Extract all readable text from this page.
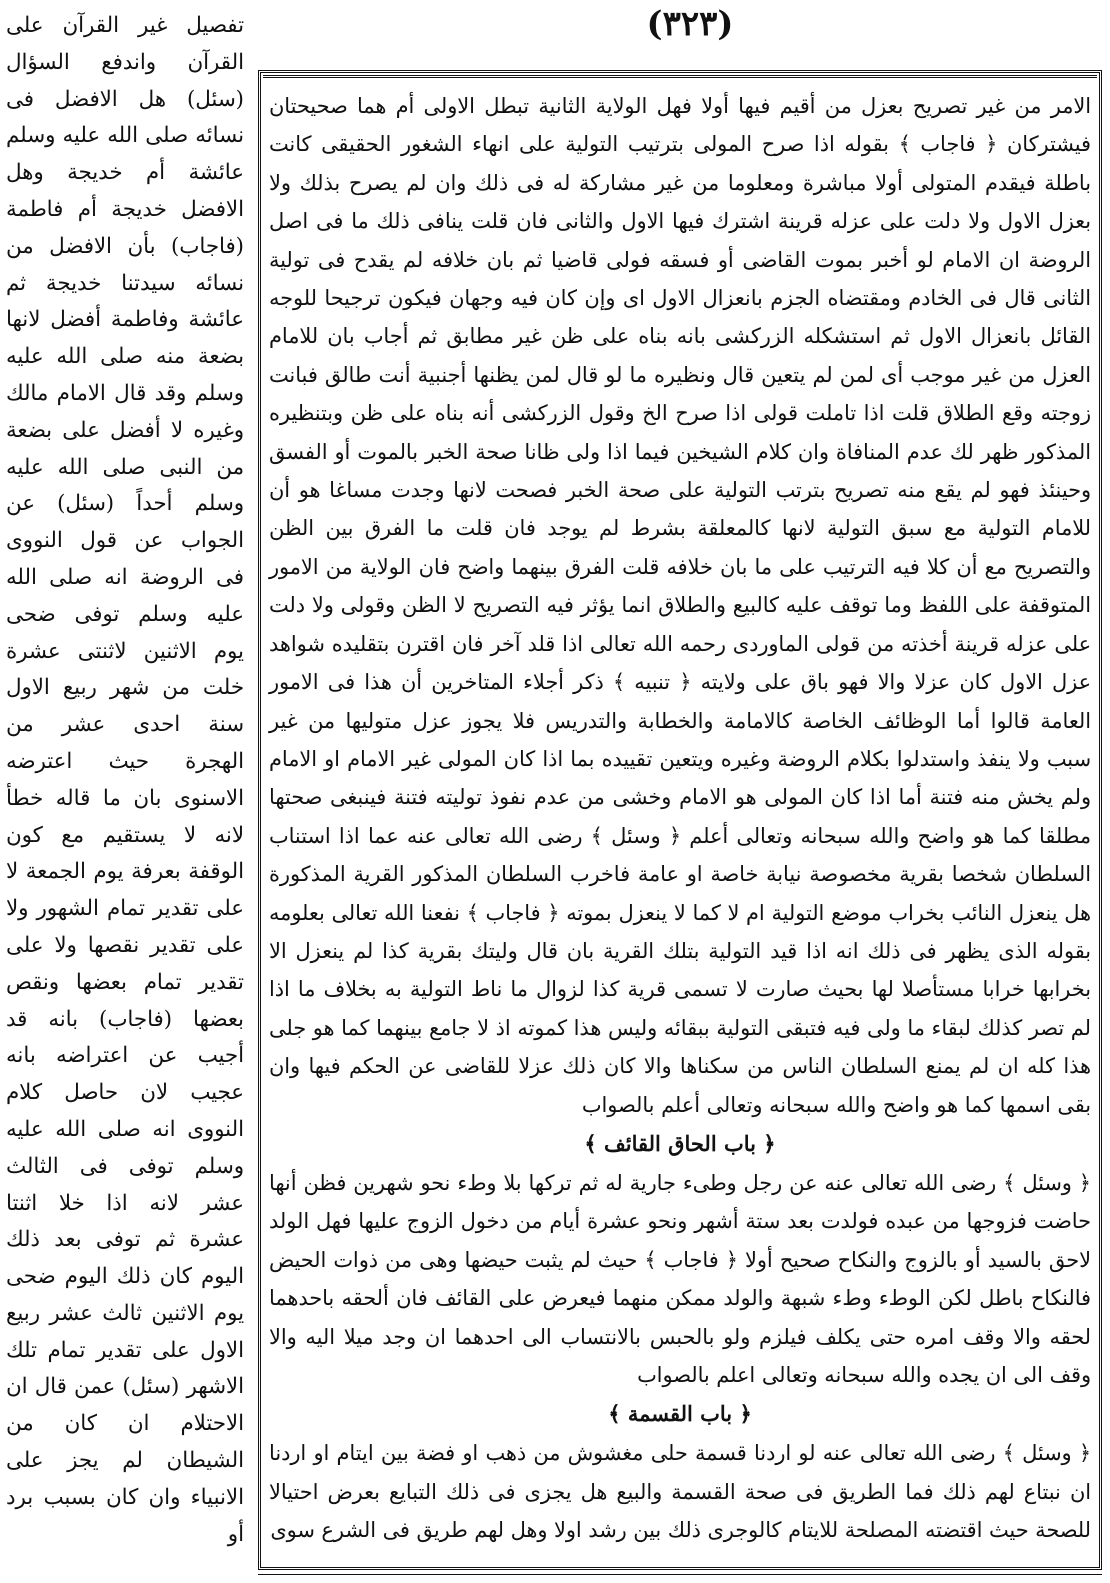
(٣٢٣)

تفصيل غير القرآن على القرآن واندفع السؤال (سئل) هل الافضل فى نسائه صلى الله عليه وسلم عائشة أم خديجة وهل الافضل خديجة أم فاطمة (فاجاب) بأن الافضل من نسائه سيدتنا خديجة ثم عائشة وفاطمة أفضل لانها بضعة منه صلى الله عليه وسلم وقد قال الامام مالك وغيره لا أفضل على بضعة من النبى صلى الله عليه وسلم أحداً (سئل) عن الجواب عن قول النووى فى الروضة انه صلى الله عليه وسلم توفى ضحى يوم الاثنين لاثنتى عشرة خلت من شهر ربيع الاول سنة احدى عشر من الهجرة حيث اعترضه الاسنوى بان ما قاله خطأ لانه لا يستقيم مع كون الوقفة بعرفة يوم الجمعة لا على تقدير تمام الشهور ولا على تقدير نقصها ولا على تقدير تمام بعضها ونقص بعضها (فاجاب) بانه قد أجيب عن اعتراضه بانه عجيب لان حاصل كلام النووى انه صلى الله عليه وسلم توفى فى الثالث عشر لانه اذا خلا اثنتا عشرة ثم توفى بعد ذلك اليوم كان ذلك اليوم ضحى يوم الاثنين ثالث عشر ربيع الاول على تقدير تمام تلك الاشهر (سئل) عمن قال ان الاحتلام ان كان من الشيطان لم يجز على الانبياء وان كان بسبب برد أو

الامر من غير تصريح بعزل من أقيم فيها أولا فهل الولاية الثانية تبطل الاولى أم هما صحيحتان فيشتركان ﴿ فاجاب ﴾ بقوله اذا صرح المولى بترتيب التولية على انهاء الشغور الحقيقى كانت باطلة فيقدم المتولى أولا مباشرة ومعلوما من غير مشاركة له فى ذلك وان لم يصرح بذلك ولا بعزل الاول ولا دلت على عزله قرينة اشترك فيها الاول والثانى فان قلت ينافى ذلك ما فى اصل الروضة ان الامام لو أخبر بموت القاضى أو فسقه فولى قاضيا ثم بان خلافه لم يقدح فى تولية الثانى قال فى الخادم ومقتضاه الجزم بانعزال الاول اى وإن كان فيه وجهان فيكون ترجيحا للوجه القائل بانعزال الاول ثم استشكله الزركشى بانه بناه على ظن غير مطابق ثم أجاب بان للامام العزل من غير موجب أى لمن لم يتعين قال ونظيره ما لو قال لمن يظنها أجنبية أنت طالق فبانت زوجته وقع الطلاق قلت اذا تاملت قولى اذا صرح الخ وقول الزركشى أنه بناه على ظن وبتنظيره المذكور ظهر لك عدم المنافاة وان كلام الشيخين فيما اذا ولى ظانا صحة الخبر بالموت أو الفسق وحينئذ فهو لم يقع منه تصريح بترتب التولية على صحة الخبر فصحت لانها وجدت مساغا هو أن للامام التولية مع سبق التولية لانها كالمعلقة بشرط لم يوجد فان قلت ما الفرق بين الظن والتصريح مع أن كلا فيه الترتيب على ما بان خلافه قلت الفرق بينهما واضح فان الولاية من الامور المتوقفة على اللفظ وما توقف عليه كالبيع والطلاق انما يؤثر فيه التصريح لا الظن وقولى ولا دلت على عزله قرينة أخذته من قولى الماوردى رحمه الله تعالى اذا قلد آخر فان اقترن بتقليده شواهد عزل الاول كان عزلا والا فهو باق على ولايته ﴿ تنبيه ﴾ ذكر أجلاء المتاخرين أن هذا فى الامور العامة قالوا أما الوظائف الخاصة كالامامة والخطابة والتدريس فلا يجوز عزل متوليها من غير سبب ولا ينفذ واستدلوا بكلام الروضة وغيره ويتعين تقييده بما اذا كان المولى غير الامام او الامام ولم يخش منه فتنة أما اذا كان المولى هو الامام وخشى من عدم نفوذ توليته فتنة فينبغى صحتها مطلقا كما هو واضح والله سبحانه وتعالى أعلم ﴿ وسئل ﴾ رضى الله تعالى عنه عما اذا استناب السلطان شخصا بقرية مخصوصة نيابة خاصة او عامة فاخرب السلطان المذكور القرية المذكورة هل ينعزل النائب بخراب موضع التولية ام لا كما لا ينعزل بموته ﴿ فاجاب ﴾ نفعنا الله تعالى بعلومه بقوله الذى يظهر فى ذلك انه اذا قيد التولية بتلك القرية بان قال وليتك بقرية كذا لم ينعزل الا بخرابها خرابا مستأصلا لها بحيث صارت لا تسمى قرية كذا لزوال ما ناط التولية به بخلاف ما اذا لم تصر كذلك لبقاء ما ولى فيه فتبقى التولية ببقائه وليس هذا كموته اذ لا جامع بينهما كما هو جلى هذا كله ان لم يمنع السلطان الناس من سكناها والا كان ذلك عزلا للقاضى عن الحكم فيها وان بقى اسمها كما هو واضح والله سبحانه وتعالى أعلم بالصواب

﴿ باب الحاق القائف ﴾

﴿ وسئل ﴾ رضى الله تعالى عنه عن رجل وطىء جارية له ثم تركها بلا وطء نحو شهرين فظن أنها حاضت فزوجها من عبده فولدت بعد ستة أشهر ونحو عشرة أيام من دخول الزوج عليها فهل الولد لاحق بالسيد أو بالزوج والنكاح صحيح أولا ﴿ فاجاب ﴾ حيث لم يثبت حيضها وهى من ذوات الحيض فالنكاح باطل لكن الوطء وطء شبهة والولد ممكن منهما فيعرض على القائف فان ألحقه باحدهما لحقه والا وقف امره حتى يكلف فيلزم ولو بالحبس بالانتساب الى احدهما ان وجد ميلا اليه والا وقف الى ان يجده والله سبحانه وتعالى اعلم بالصواب

﴿ باب القسمة ﴾

﴿ وسئل ﴾ رضى الله تعالى عنه لو اردنا قسمة حلى مغشوش من ذهب او فضة بين ايتام او اردنا ان نبتاع لهم ذلك فما الطريق فى صحة القسمة والبيع هل يجزى فى ذلك التبايع بعرض احتيالا للصحة حيث اقتضته المصلحة للايتام كالوجرى ذلك بين رشد اولا وهل لهم طريق فى الشرع سوى
